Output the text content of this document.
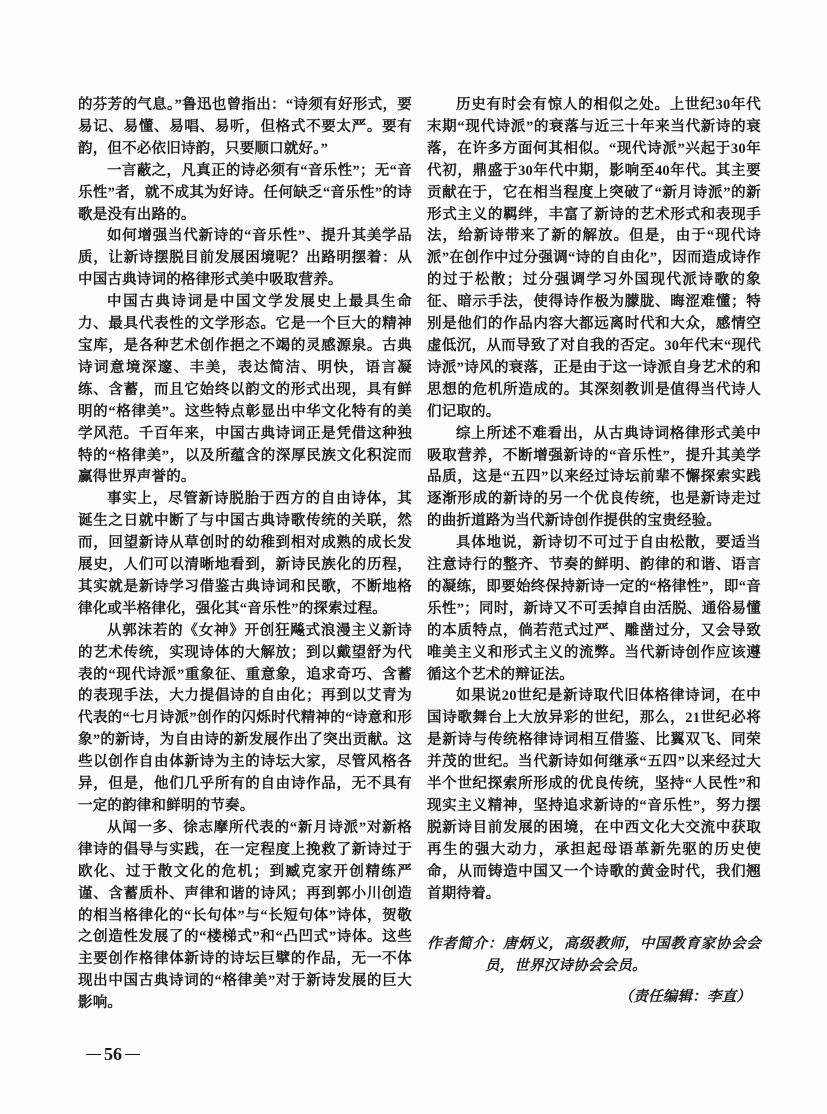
的芬芳的气息。”鲁迅也曾指出：“诗须有好形式，要易记、易懂、易唱、易听，但格式不要太严。要有韵，但不必依旧诗韵，只要顺口就好。”

一言蔽之，凡真正的诗必须有“音乐性”；无“音乐性”者，就不成其为好诗。任何缺乏“音乐性”的诗歌是没有出路的。

如何增强当代新诗的“音乐性”、提升其美学品质，让新诗摆脱目前发展困境呢？出路明摆着：从中国古典诗词的格律形式美中吸取营养。

中国古典诗词是中国文学发展史上最具生命力、最具代表性的文学形态。它是一个巨大的精神宝库，是各种艺术创作挹之不竭的灵感源泉。古典诗词意境深邃、丰美，表达简洁、明快，语言凝练、含蓄，而且它始终以韵文的形式出现，具有鲜明的“格律美”。这些特点彰显出中华文化特有的美学风范。千百年来，中国古典诗词正是凭借这种独特的“格律美”，以及所蕴含的深厚民族文化积淀而赢得世界声誉的。

事实上，尽管新诗脱胎于西方的自由诗体，其诞生之日就中断了与中国古典诗歌传统的关联，然而，回望新诗从草创时的幼稚到相对成熟的成长发展史，人们可以清晰地看到，新诗民族化的历程，其实就是新诗学习借鉴古典诗词和民歌，不断地格律化或半格律化，强化其“音乐性”的探索过程。

从郭沫若的《女神》开创狂飚式浪漫主义新诗的艺术传统，实现诗体的大解放；到以戴望舒为代表的“现代诗派”重象征、重意象，追求奇巧、含蓄的表现手法，大力提倡诗的自由化；再到以艾青为代表的“七月诗派”创作的闪烁时代精神的“诗意和形象”的新诗，为自由诗的新发展作出了突出贡献。这些以创作自由体新诗为主的诗坛大家，尽管风格各异，但是，他们几乎所有的自由诗作品，无不具有一定的韵律和鲜明的节奏。

从闻一多、徐志摩所代表的“新月诗派”对新格律诗的倡导与实践，在一定程度上挽救了新诗过于欧化、过于散文化的危机；到臧克家开创精练严谨、含蓄质朴、声律和谐的诗风；再到郭小川创造的相当格律化的“长句体”与“长短句体”诗体，贺敬之创造性发展了的“楼梯式”和“凸凹式”诗体。这些主要创作格律体新诗的诗坛巨擘的作品，无一不体现出中国古典诗词的“格律美”对于新诗发展的巨大影响。

历史有时会有惊人的相似之处。上世纪30年代末期“现代诗派”的衰落与近三十年来当代新诗的衰落，在许多方面何其相似。“现代诗派”兴起于30年代初，鼎盛于30年代中期，影响至40年代。其主要贡献在于，它在相当程度上突破了“新月诗派”的新形式主义的羁绊，丰富了新诗的艺术形式和表现手法，给新诗带来了新的解放。但是，由于“现代诗派”在创作中过分强调“诗的自由化”，因而造成诗作的过于松散；过分强调学习外国现代派诗歌的象征、暗示手法，使得诗作极为朦胧、晦涩难懂；特别是他们的作品内容大都远离时代和大众，感情空虚低沉，从而导致了对自我的否定。30年代末“现代诗派”诗风的衰落，正是由于这一诗派自身艺术的和思想的危机所造成的。其深刻教训是值得当代诗人们记取的。

综上所述不难看出，从古典诗词格律形式美中吸取营养，不断增强新诗的“音乐性”，提升其美学品质，这是“五四”以来经过诗坛前辈不懈探索实践逐渐形成的新诗的另一个优良传统，也是新诗走过的曲折道路为当代新诗创作提供的宝贵经验。

具体地说，新诗切不可过于自由松散，要适当注意诗行的整齐、节奏的鲜明、韵律的和谐、语言的凝练，即要始终保持新诗一定的“格律性”，即“音乐性”；同时，新诗又不可丢掉自由活脱、通俗易懂的本质特点，倘若范式过严、雕凿过分，又会导致唯美主义和形式主义的流弊。当代新诗创作应该遵循这个艺术的辩证法。

如果说20世纪是新诗取代旧体格律诗词，在中国诗歌舞台上大放异彩的世纪，那么，21世纪必将是新诗与传统格律诗词相互借鉴、比翼双飞、同荣并茂的世纪。当代新诗如何继承“五四”以来经过大半个世纪探索所形成的优良传统，坚持“人民性”和现实主义精神，坚持追求新诗的“音乐性”，努力摆脱新诗目前发展的困境，在中西文化大交流中获取再生的强大动力，承担起母语革新先驱的历史使命，从而铸造中国又一个诗歌的黄金时代，我们翘首期待着。

作者简介：唐炳义，高级教师，中国教育家协会会员，世界汉诗协会会员。
（责任编辑：李直）
— 56 —
